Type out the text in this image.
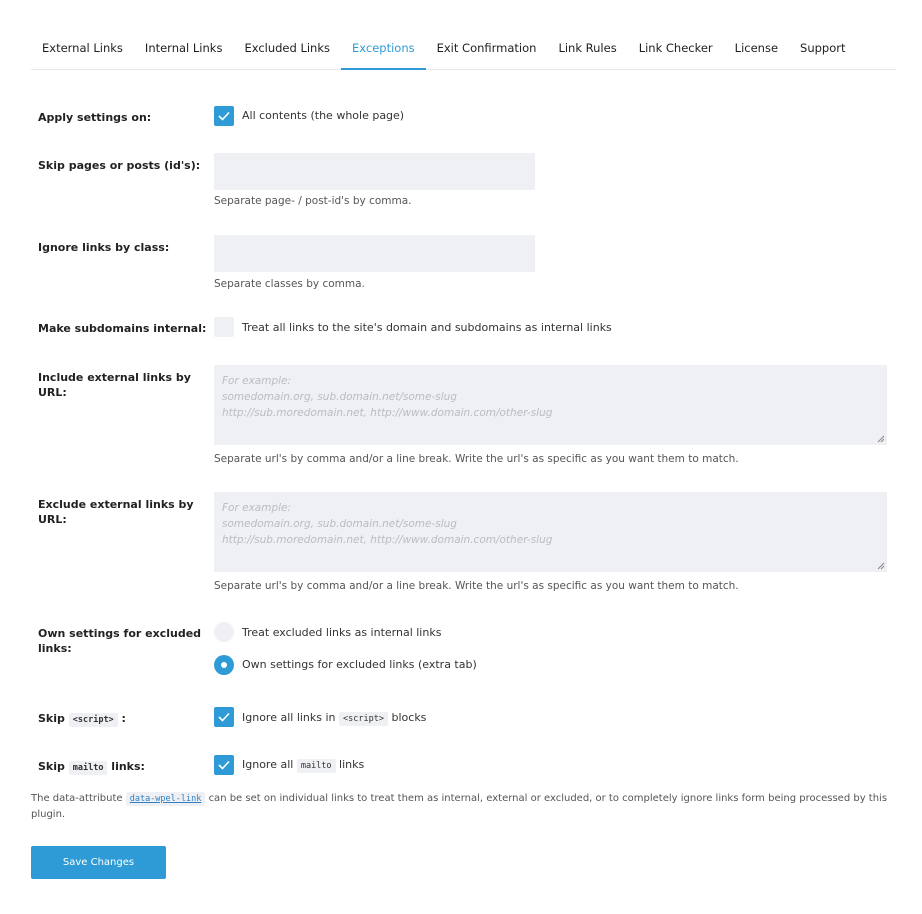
External Links	Internal Links	Excluded Links	Exceptions	Exit Confirmation	Link Rules	Link Checker	License	Support
Apply settings on:	All contents (the whole page)
Skip pages or posts (id's):
Separate page- / post-id's by comma.
Ignore links by class:
Separate classes by comma.
Make subdomains internal:	Treat all links to the site's domain and subdomains as internal links
Include external links by
URL:
For example:
somedomain.org, sub.domain.net/some-slug
http://sub.moredomain.net, http://www.domain.com/other-slug
Separate url's by comma and/or a line break. Write the url's as specific as you want them to match.
Exclude external links by
URL:
For example:
somedomain.org, sub.domain.net/some-slug
http://sub.moredomain.net, http://www.domain.com/other-slug
Separate url's by comma and/or a line break. Write the url's as specific as you want them to match.
Own settings for excluded
links:
Treat excluded links as internal links
Own settings for excluded links (extra tab)
Skip <script> :	Ignore all links in <script> blocks
Skip mailto links:	Ignore all mailto links
The data-attribute data-wpel-link can be set on individual links to treat them as internal, external or excluded, or to completely ignore links form being processed by this plugin.
Save Changes
